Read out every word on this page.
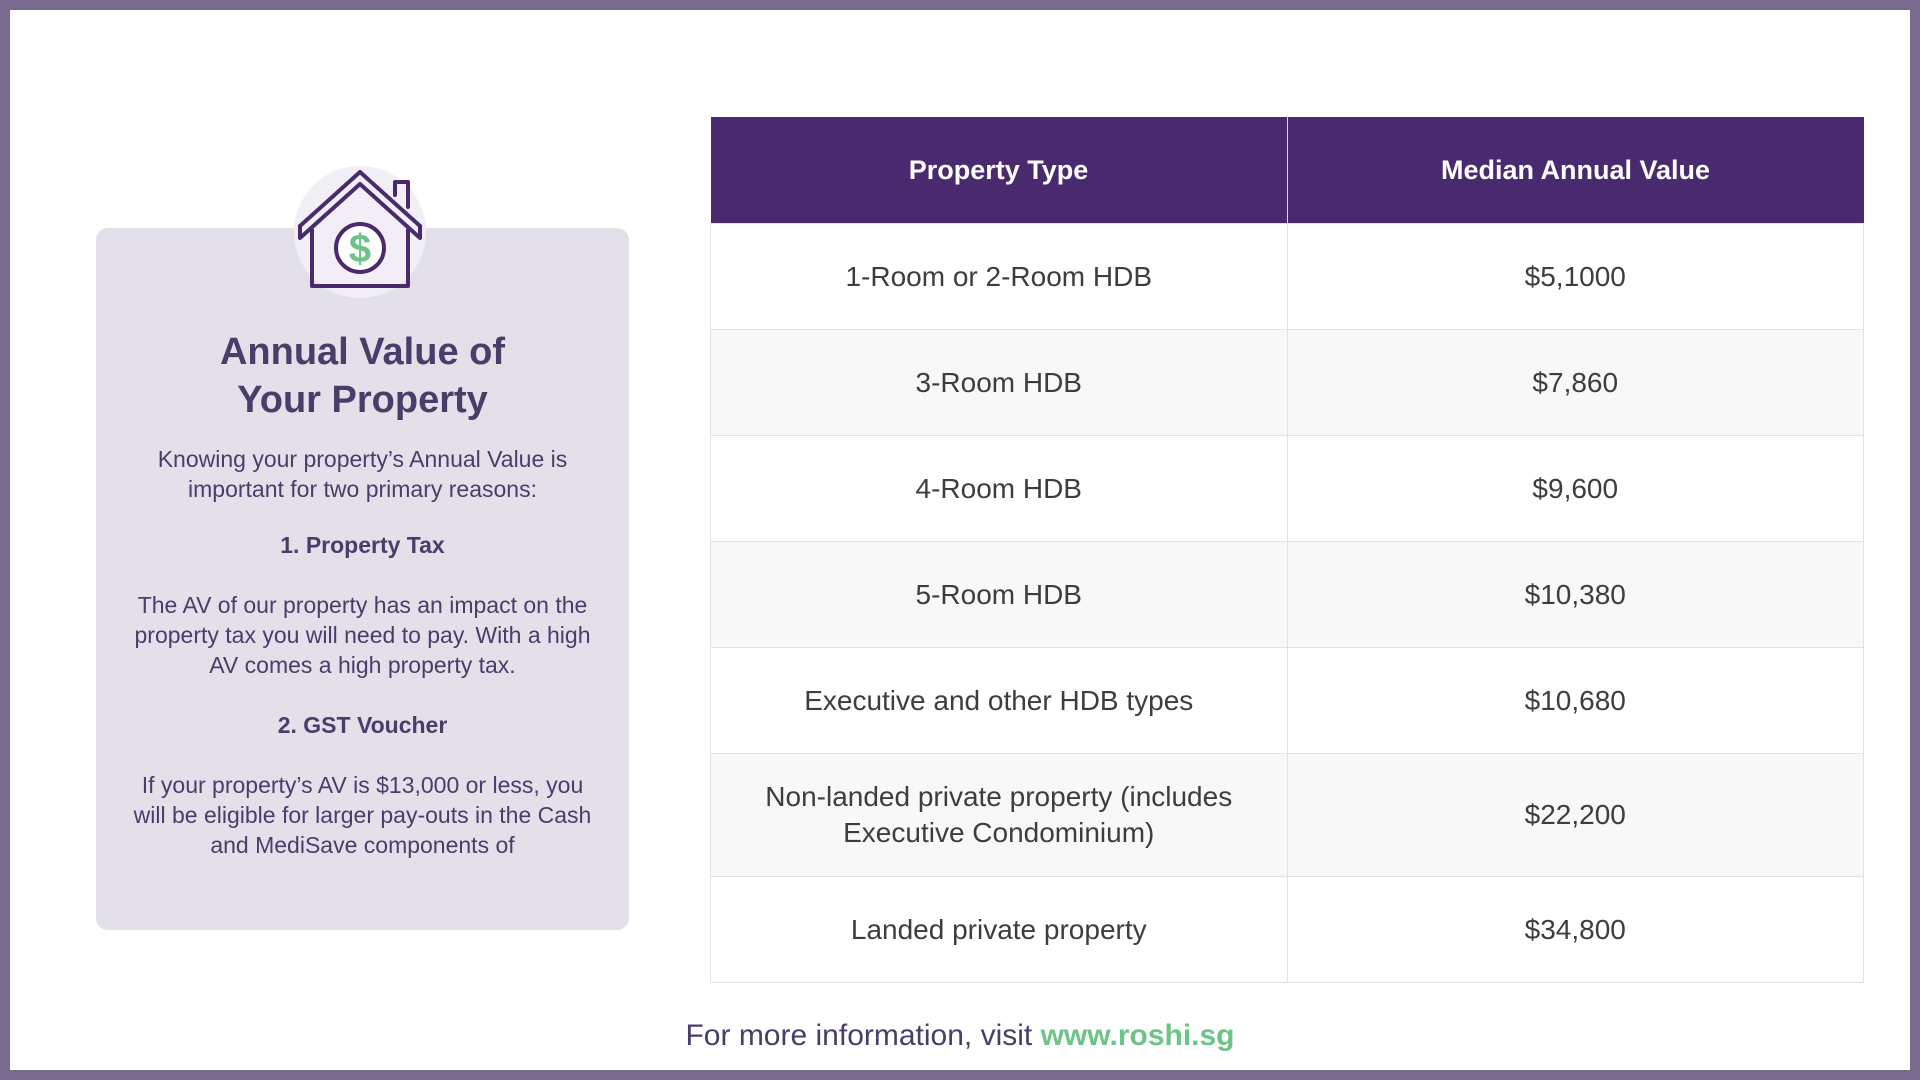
Annual Value of
Your Property
Knowing your property’s Annual Value is important for two primary reasons:
1. Property Tax
The AV of our property has an impact on the property tax you will need to pay. With a high AV comes a high property tax.
2. GST Voucher
If your property’s AV is $13,000 or less, you will be eligible for larger pay-outs in the Cash and MediSave components of
$
Property Type	Median Annual Value
1-Room or 2-Room HDB	$5,1000
3-Room HDB	$7,860
4-Room HDB	$9,600
5-Room HDB	$10,380
Executive and other HDB types	$10,680
Non-landed private property (includes Executive Condominium)	$22,200
Landed private property	$34,800
For more information, visit www.roshi.sg
